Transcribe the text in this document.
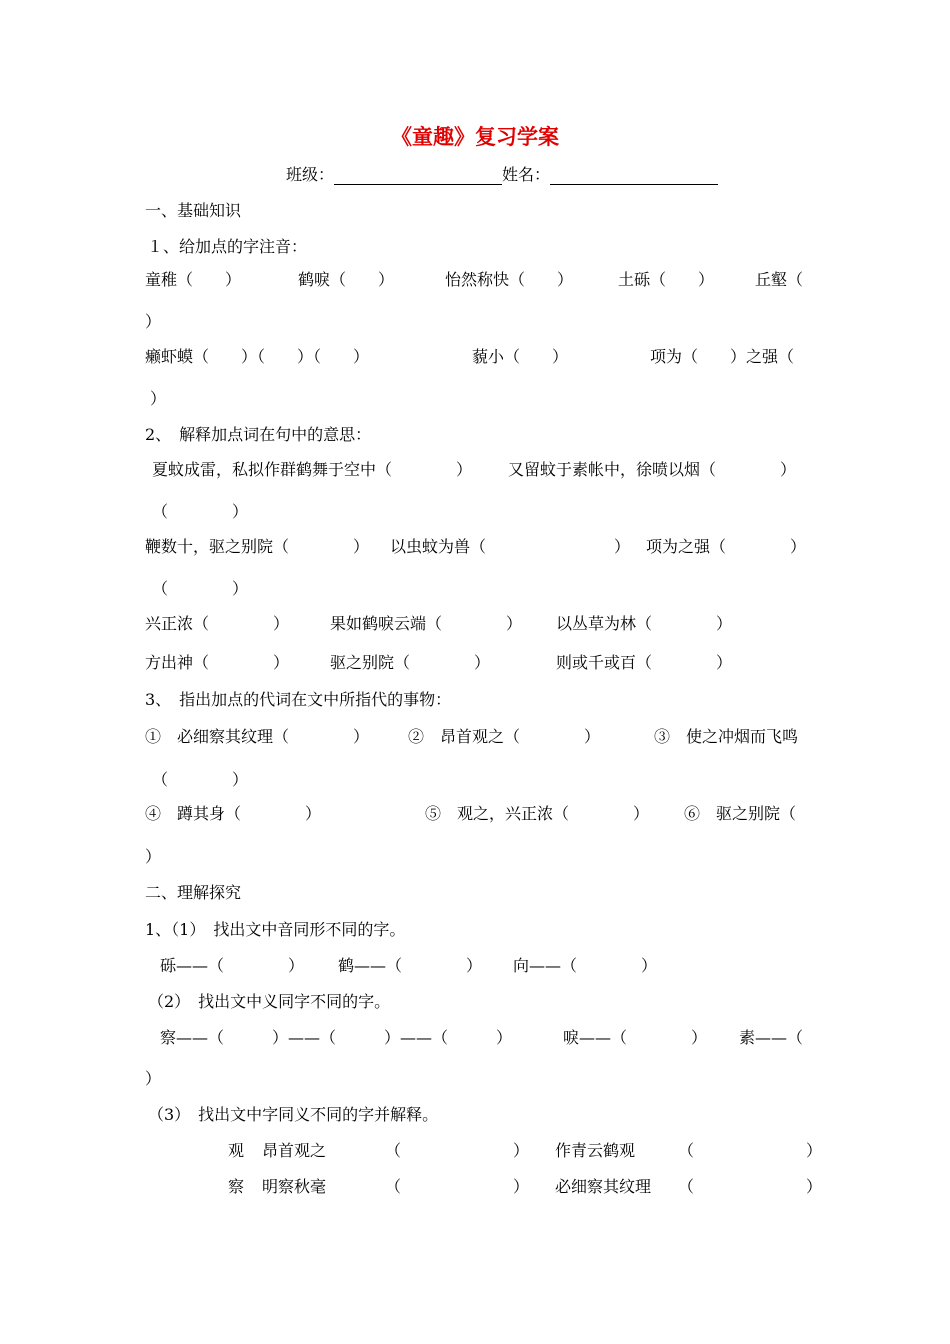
《童趣》复习学案
班级：	姓名：
一、基础知识
１、给加点的字注音：
童稚（　　）	鹤唳（　　）	怡然称快（　　）	土砾（　　）	丘壑（
）
癞虾蟆（　　）（　　）（　　）	藐小（　　）	项为（　　）之强（
）
2、　解释加点词在句中的意思：
夏蚊成雷，私拟作群鹤舞于空中（　　　　） 又留蚊于素帐中，徐喷以烟（　　　　）
（　　　　）
鞭数十，驱之别院（　　　　） 以虫蚊为兽（　　　　　　　　） 项为之强（　　　　）
（　　　　）
兴正浓（　　　　）	果如鹤唳云端（　　　　） 以丛草为林（　　　　）
方出神（　　　　）	驱之别院（　　　　）	则或千或百（　　　　）
3、　指出加点的代词在文中所指代的事物：
①　必细察其纹理（　　　　） ②　昂首观之（　　　　）	③　使之冲烟而飞鸣
（　　　　）
④　蹲其身（　　　　）	⑤　观之，兴正浓（　　　　） ⑥　驱之别院（
）
二、理解探究
1、（1）　找出文中音同形不同的字。
砾——（　　　　） 鹤——（　　　　） 向——（　　　　）
（2）　找出文中义同字不同的字。
察——（　　　）——（　　　）——（　　　）	唳——（　　　　） 素——（
）
（3）　找出文中字同义不同的字并解释。
观 昂首观之	（　　　　　　　） 作青云鹤观	（　　　　　　　）
察 明察秋毫	（　　　　　　　） 必细察其纹理 （　　　　　　　）
